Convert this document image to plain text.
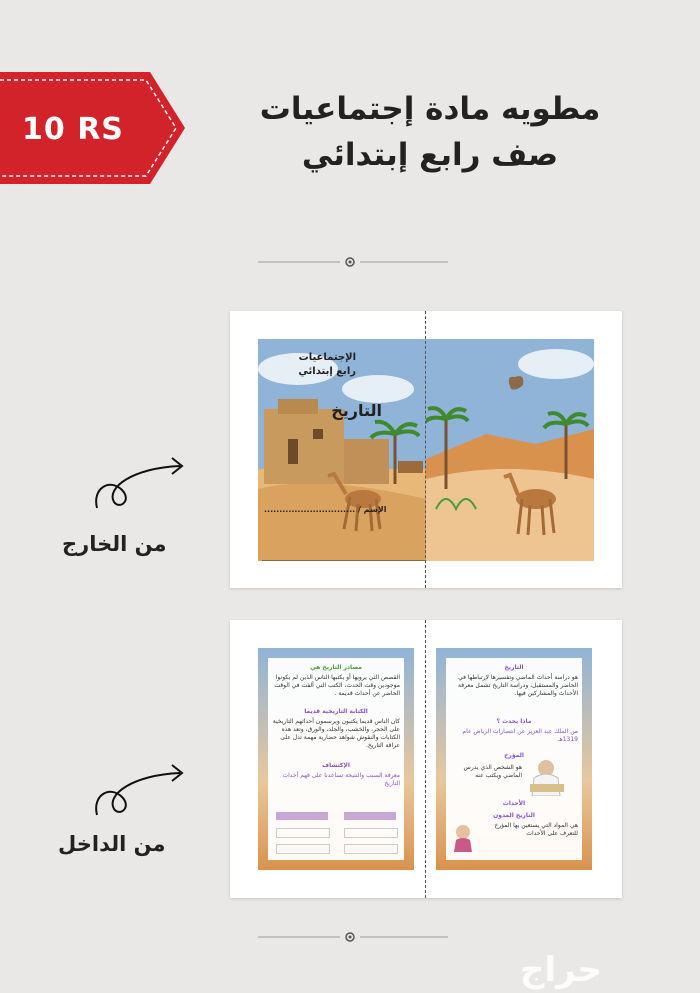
10 RS
مطويه مادة إجتماعيات
صف رابع إبتدائي
الإجتماعيات
رابع إبتدائي
التاريخ
الإسم / ..............................
من الخارج
مصادر التاريخ هي
القصص التي يرويها أو يكتبها الناس الذين لم يكونوا موجودين وقت الحدث، الكتب التي ألفت في الوقت الحاضر عن أحداث قديمة .
الكتابة التاريخية قديما
كان الناس قديما يكتبون ويرسمون أحداثهم التاريخية على الحجر، والخشب، والجلد، والورق، وتعد هذه الكتابات والنقوش شواهد حضارية مهمة تدل على عراقة التاريخ.
الإكتشاف
معرفة السبب والنتيجة تساعدنا على فهم أحداث التاريخ
التاريخ
هو دراسة أحداث الماضي وتفسيرها لإرتباطها في الحاضر والمستقبل، ودراسة التاريخ تشمل معرفة الأحداث والمشاركين فيها.
ماذا يحدث ؟
من الملك عبد العزيز عن انتصارات الرياض عام 1319هـ
المؤرخ
هو الشخص الذي يدرس الماضي ويكتب عنه
الأحداث
التاريخ المدون
هي المواد التي يستعين بها المؤرخ للتعرف على الأحداث
من الداخل
حراج
